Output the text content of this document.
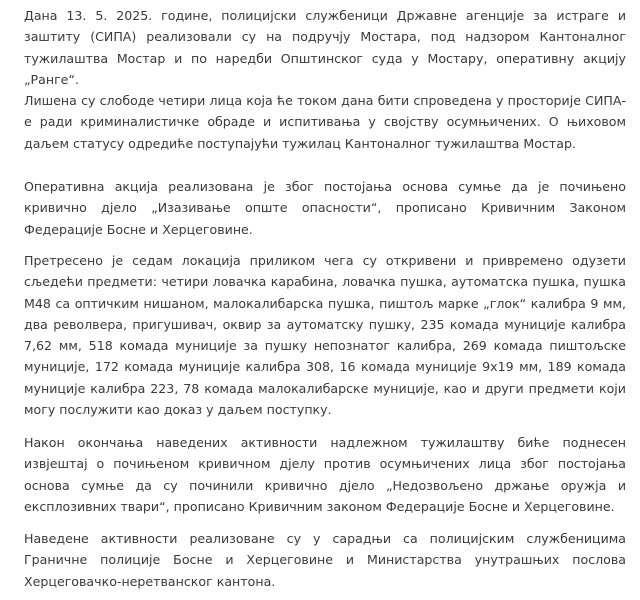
Дана 13. 5. 2025. године, полицијски службеници Државне агенције за истраге и заштиту (СИПА) реализовали су на подручју Мостара, под надзором Кантоналног тужилаштва Мостар и по наредби Општинског суда у Мостару, оперативну акцију „Ранге“.

Лишена су слободе четири лица која ће током дана бити спроведена у просторије СИПА-е ради криминалистичке обраде и испитивања у својству осумњичених. О њиховом даљем статусу одредиће поступајући тужилац Кантоналног тужилаштва Мостар.

Оперативна акција реализована је због постојања основа сумње да је почињено кривично дјело „Изазивање опште опасности“, прописано Кривичним Законом Федерације Босне и Херцеговине.

Претресено је седам локација приликом чега су откривени и привремено одузети сљедећи предмети: четири ловачка карабина, ловачка пушка, аутоматска пушка, пушка М48 са оптичким нишаном, малокалибарска пушка, пиштољ марке „глок“ калибра 9 мм, два револвера, пригушивач, оквир за аутоматску пушку, 235 комада муниције калибра 7,62 мм, 518 комада муниције за пушку непознатог калибра, 269 комада пиштољске муниције, 172 комада муниције калибра 308, 16 комада муниције 9х19 мм, 189 комада муниције калибра 223, 78 комада малокалибарске муниције, као и други предмети који могу послужити као доказ у даљем поступку.

Након окончања наведених активности надлежном тужилаштву биће поднесен извјештај о почињеном кривичном дјелу против осумњичених лица због постојања основа сумње да су починили кривично дјело „Недозвољено држање оружја и експлозивних твари“, прописано Кривичним законом Федерације Босне и Херцеговине.

Наведене активности реализоване су у сарадњи са полицијским службеницима Граничне полиције Босне и Херцеговине и Министарства унутрашњих послова Херцеговачко-неретванског кантона.
